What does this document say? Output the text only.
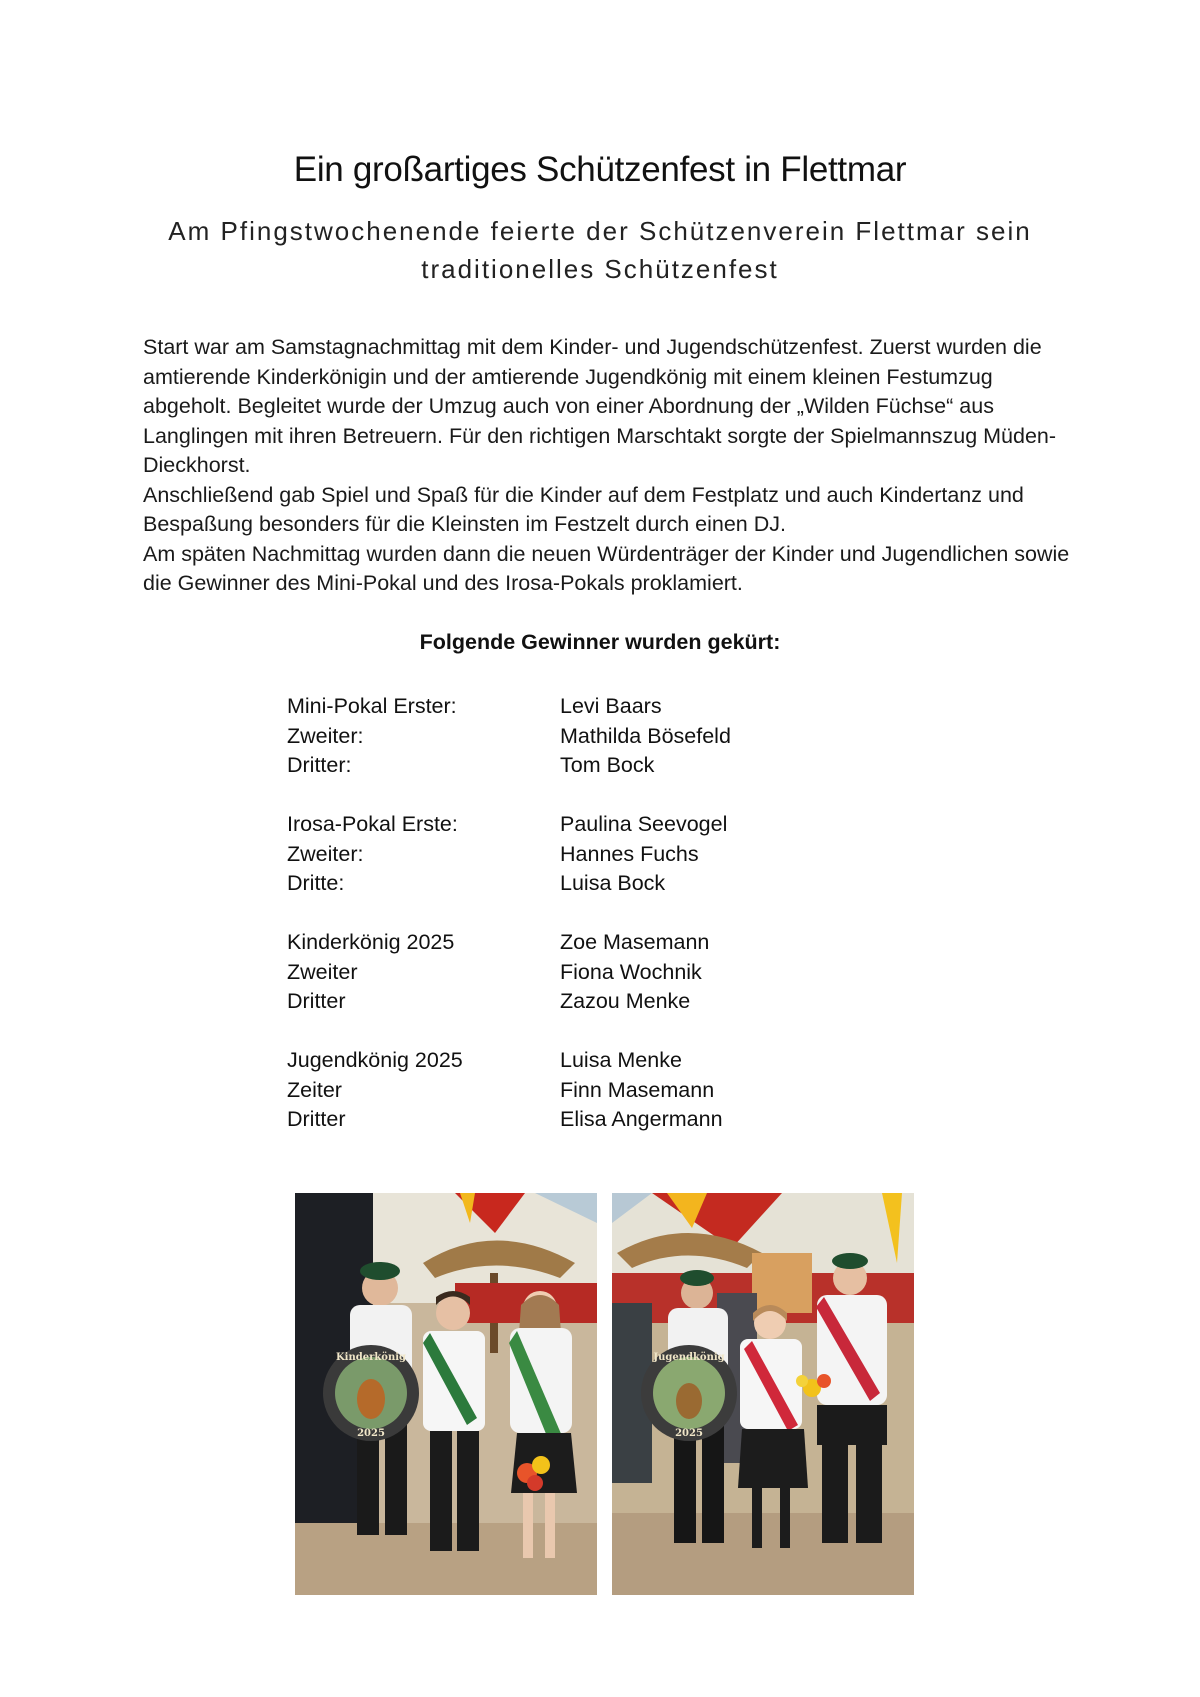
Ein großartiges Schützenfest in Flettmar

Am Pfingstwochenende feierte der Schützenverein Flettmar sein traditionelles Schützenfest

Start war am Samstagnachmittag mit dem Kinder- und Jugendschützenfest. Zuerst wurden die amtierende Kinderkönigin und der amtierende Jugendkönig mit einem kleinen Festumzug abgeholt. Begleitet wurde der Umzug auch von einer Abordnung der „Wilden Füchse“ aus Langlingen mit ihren Betreuern. Für den richtigen Marschtakt sorgte der Spielmannszug Müden-Dieckhorst.

Anschließend gab Spiel und Spaß für die Kinder auf dem Festplatz und auch Kindertanz und Bespaßung besonders für die Kleinsten im Festzelt durch einen DJ.

Am späten Nachmittag wurden dann die neuen Würdenträger der Kinder und Jugendlichen sowie die Gewinner des Mini-Pokal und des Irosa-Pokals proklamiert.

Folgende Gewinner wurden gekürt:
Mini-Pokal Erster:	Levi Baars
Zweiter:	Mathilda Bösefeld
Dritter:	Tom Bock
Irosa-Pokal Erste:	Paulina Seevogel
Zweiter:	Hannes Fuchs
Dritte:	Luisa Bock
Kinderkönig 2025	Zoe Masemann
Zweiter	Fiona Wochnik
Dritter	Zazou Menke
Jugendkönig 2025	Luisa Menke
Zeiter	Finn Masemann
Dritter	Elisa Angermann
Kinderkönig
2025
Jugendkönig
2025
